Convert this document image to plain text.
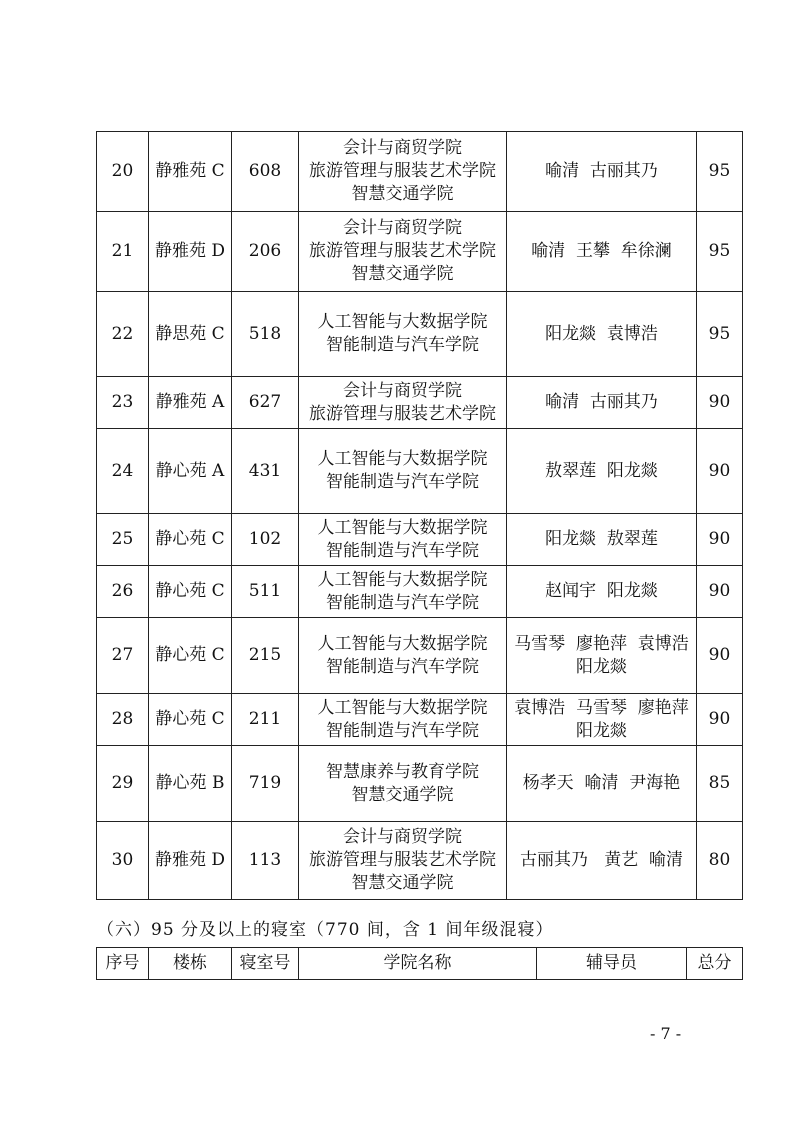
20	静雅苑 C	608	会计与商贸学院
旅游管理与服装艺术学院
智慧交通学院	喻清  古丽其乃	95
21	静雅苑 D	206	会计与商贸学院
旅游管理与服装艺术学院
智慧交通学院	喻清  王攀  牟徐澜	95
22	静思苑 C	518	人工智能与大数据学院
智能制造与汽车学院	阳龙燚  袁博浩	95
23	静雅苑 A	627	会计与商贸学院
旅游管理与服装艺术学院	喻清  古丽其乃	90
24	静心苑 A	431	人工智能与大数据学院
智能制造与汽车学院	敖翠莲  阳龙燚	90
25	静心苑 C	102	人工智能与大数据学院
智能制造与汽车学院	阳龙燚  敖翠莲	90
26	静心苑 C	511	人工智能与大数据学院
智能制造与汽车学院	赵闻宇  阳龙燚	90
27	静心苑 C	215	人工智能与大数据学院
智能制造与汽车学院	马雪琴  廖艳萍  袁博浩
阳龙燚	90
28	静心苑 C	211	人工智能与大数据学院
智能制造与汽车学院	袁博浩  马雪琴  廖艳萍
阳龙燚	90
29	静心苑 B	719	智慧康养与教育学院
智慧交通学院	杨孝天  喻清  尹海艳	85
30	静雅苑 D	113	会计与商贸学院
旅游管理与服装艺术学院
智慧交通学院	古丽其乃   黄艺  喻清	80
（六）95 分及以上的寝室（770 间，含 1 间年级混寝）
序号	楼栋	寝室号	学院名称	辅导员	总分
- 7 -
